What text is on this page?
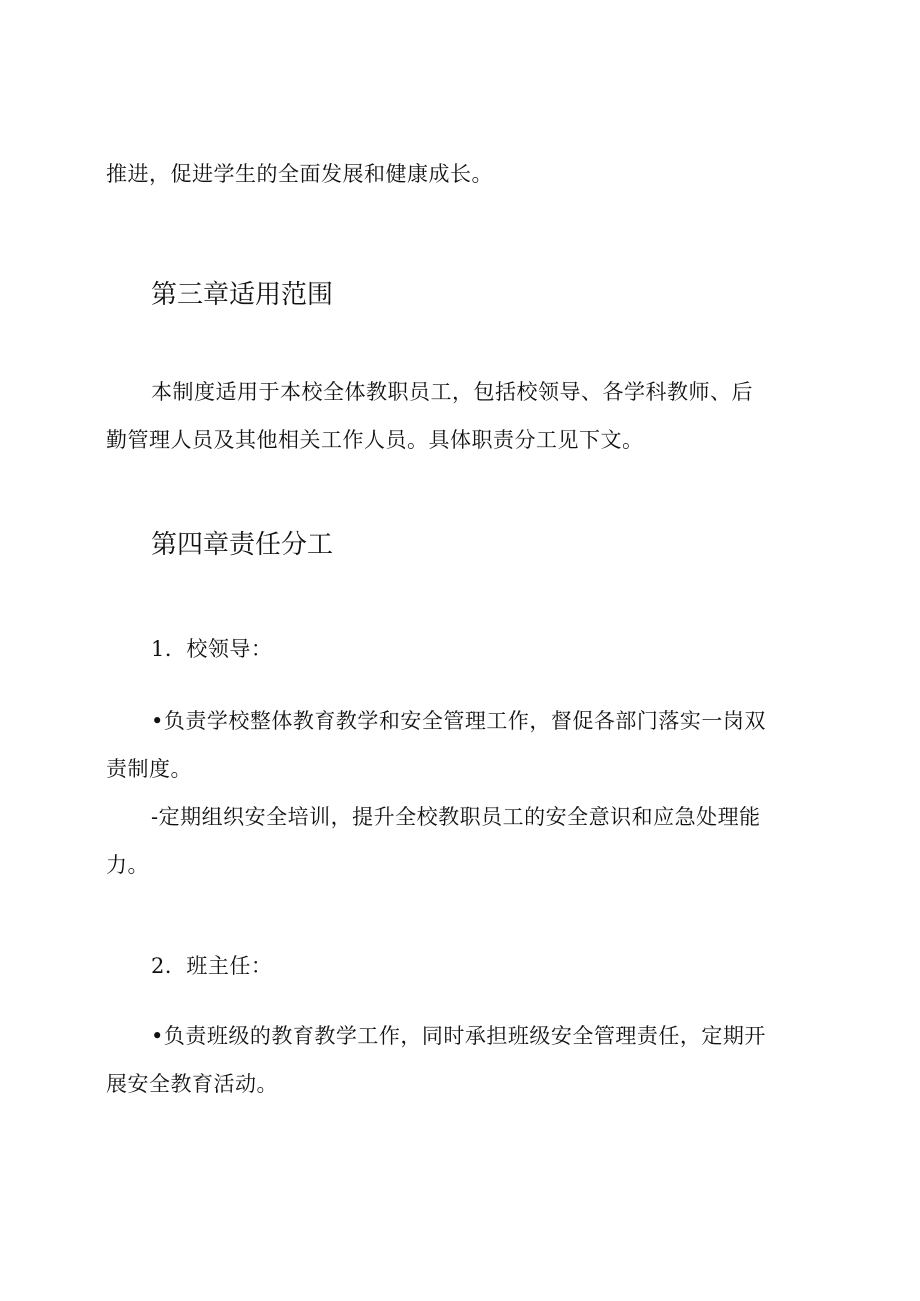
推进，促进学生的全面发展和健康成长。

第三章适用范围

本制度适用于本校全体教职员工，包括校领导、各学科教师、后

勤管理人员及其他相关工作人员。具体职责分工见下文。

第四章责任分工

1．校领导：

•负责学校整体教育教学和安全管理工作，督促各部门落实一岗双

责制度。

-定期组织安全培训，提升全校教职员工的安全意识和应急处理能

力。

2．班主任：

•负责班级的教育教学工作，同时承担班级安全管理责任，定期开

展安全教育活动。
